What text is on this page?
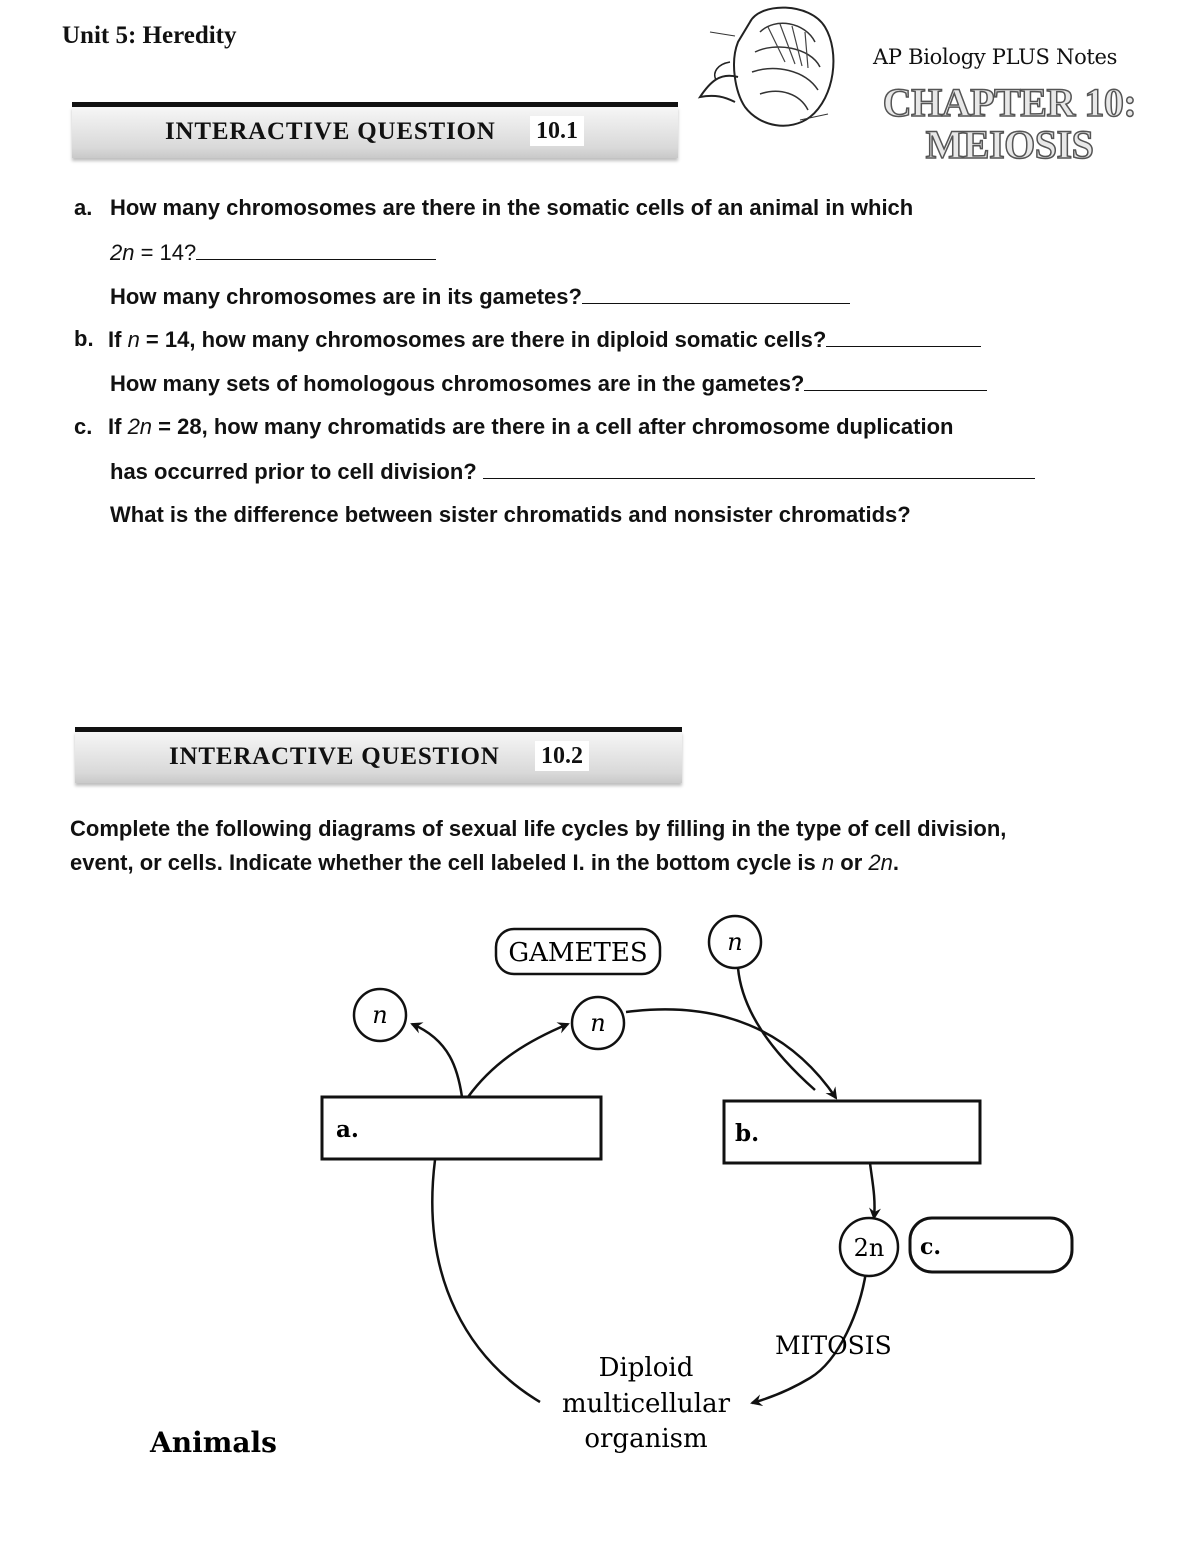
Unit 5: Heredity
AP Biology PLUS Notes
CHAPTER 10:
MEIOSIS
INTERACTIVE QUESTION 10.1
a. How many chromosomes are there in the somatic cells of an animal in which
2n = 14?
How many chromosomes are in its gametes?
b. If n = 14, how many chromosomes are there in diploid somatic cells?
How many sets of homologous chromosomes are in the gametes?
c. If 2n = 28, how many chromatids are there in a cell after chromosome duplication
has occurred prior to cell division?
What is the difference between sister chromatids and nonsister chromatids?
INTERACTIVE QUESTION 10.2
Complete the following diagrams of sexual life cycles by filling in the type of cell division,
event, or cells. Indicate whether the cell labeled I. in the bottom cycle is n or 2n.
GAMETES	n
n	n
a.	b.
2n c.
MITOSIS
Diploid
multicellular
organism
Animals
